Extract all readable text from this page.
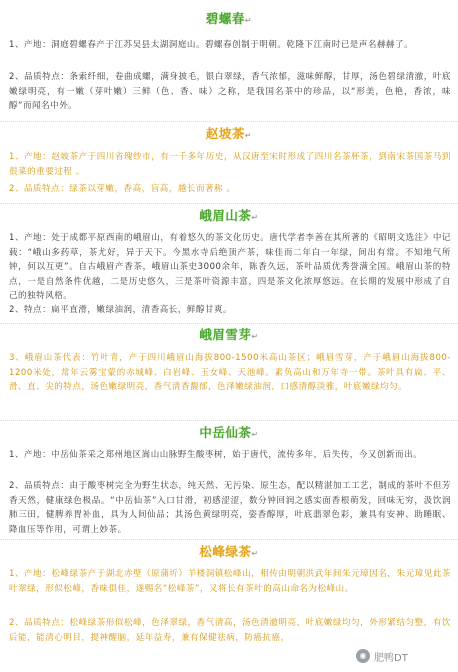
碧螺春↵
1、产地：洞庭碧螺春产于江苏吴县太湖洞庭山。碧螺春创制于明朝。乾隆下江南时已是声名赫赫了。
2、品质特点：条索纤细，卷曲成螺，满身披毛，银白翠绿，香气浓郁，滋味鲜醇，甘厚，汤色碧绿清澈，叶底嫩绿明亮，有一嫩（芽叶嫩）三鲜（色、香、味）之称，是我国名茶中的珍品，以“形美，色艳，香浓，味醇”而闻名中外。
赵坡茶↵
1、产地：赵坡茶产于四川省瑰纱市，有一千多年历史，从汉唐至宋时形成了四川名茶杯茶，到南宋茶国茶马到很菜的重要过程 。
2、品质特点：绿茶以芽嫩，香高，盲高，越长而著称 。
峨眉山茶↵
1、产地：处于成都平原西南的峨眉山，有着悠久的茶文化历史。唐代学者李善在其所著的《昭明文选注》中记载：“峨山多药草，茶尤好，异于天下。今黑水寺后绝顶产茶，味佳而二年白一年绿，间出有常。不知地气所钟，何以互更”。自古峨眉产香茶，峨眉山茶史3000余年，陈香久远，茶叶品质优秀誉满全国。峨眉山茶的特点，一是自然条件优越，二是历史悠久，三是茶叶资源丰富，四是茶文化浓厚悠远。在长期的发展中形成了自己的独特风格。
2、特点：扁平直滑，嫩绿油润，清香高长，鲜醇甘爽。
峨眉雪芽↵
3、峨眉山茶代表：竹叶青，产于四川峨眉山海拔800-1500米高山茶区；峨眉雪芽，产于峨眉山海拔800-1200米处，常年云雾宝蒙的赤城峰、白岩峰、玉女峰、天池峰。素负高山和万年寺一带。茶叶具有扁、平、滑、直、尖的特点，汤色嫩绿明亮，香气清香馥郁，色泽嫩绿油润，口感清醇淡雅，叶底嫩绿均匀。
中岳仙茶↵
1、产地：中岳仙茶采之郑州地区嵩山山脉野生酸枣树，始于唐代，流传多年，后失传，今又创新而出。
2、品质特点：由于酸枣树完全为野生状态，纯天然、无污染、原生态，配以精湛加工工艺，制成的茶叶不但芳香天然，健康绿色极品。“中岳仙茶”入口甘滑，初感涩涩，数分钟回润之感实面香根萌发，回味无穷，汲饮润肺三田，健脾养胃补血，具为人间仙品；其汤色黄绿明亮，姿香醇厚，叶底翡翠色彩，兼具有安神、助睡眠、降血压等作用，可谓上妙茶。
松峰绿茶↵
1、产地：松峰绿茶产于湖北赤壁（原蒲圻）羊楼洞镇松峰山，相传由明朝洪武年间朱元璋因名，朱元璋见此茶叶翠绿，形似松峰，香味俱佳，遂赐名“松峰茶”，又将长有茶叶的高山命名为松峰山。
2、品质特点：松峰绿茶形似松峰，色泽翠绿，香气清高，汤色清澈明亮，叶底嫩绿均匀，外形紧结匀整，有饮后能，能清心明目，提神醒脑，延年益寿，兼有保健祛病，防癌抗癌，
◉ 肥鸭DT
